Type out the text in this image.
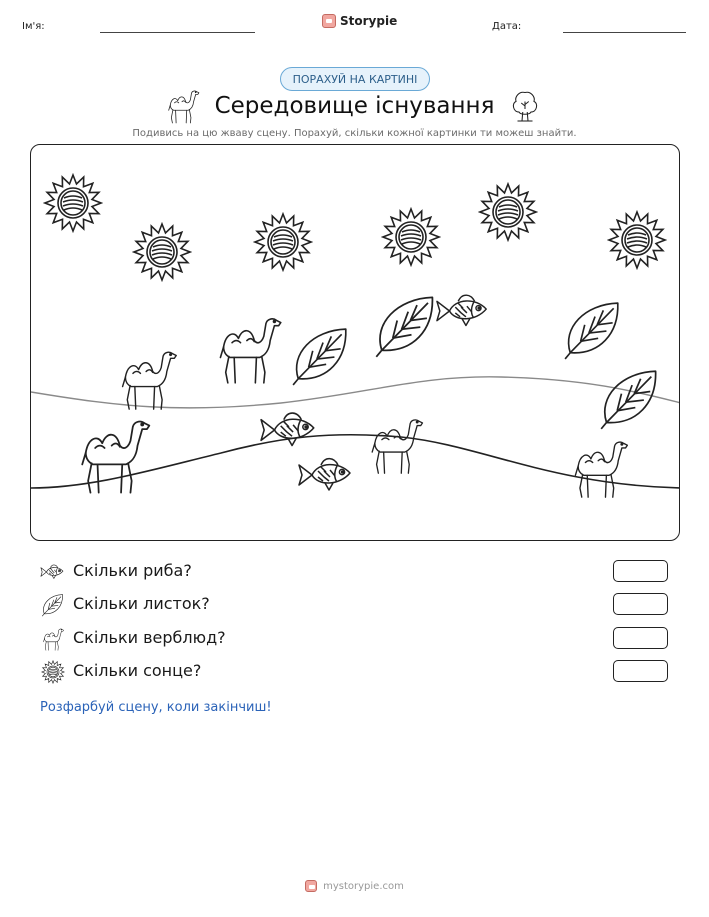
Ім'я:	Storypie	Дата:
ПОРАХУЙ НА КАРТИНІ
Середовище існування
Подивись на цю жваву сцену. Порахуй, скільки кожної картинки ти можеш знайти.
Скільки риба?
Скільки листок?
Скільки верблюд?
Скільки сонце?
Розфарбуй сцену, коли закінчиш!
mystorypie.com
